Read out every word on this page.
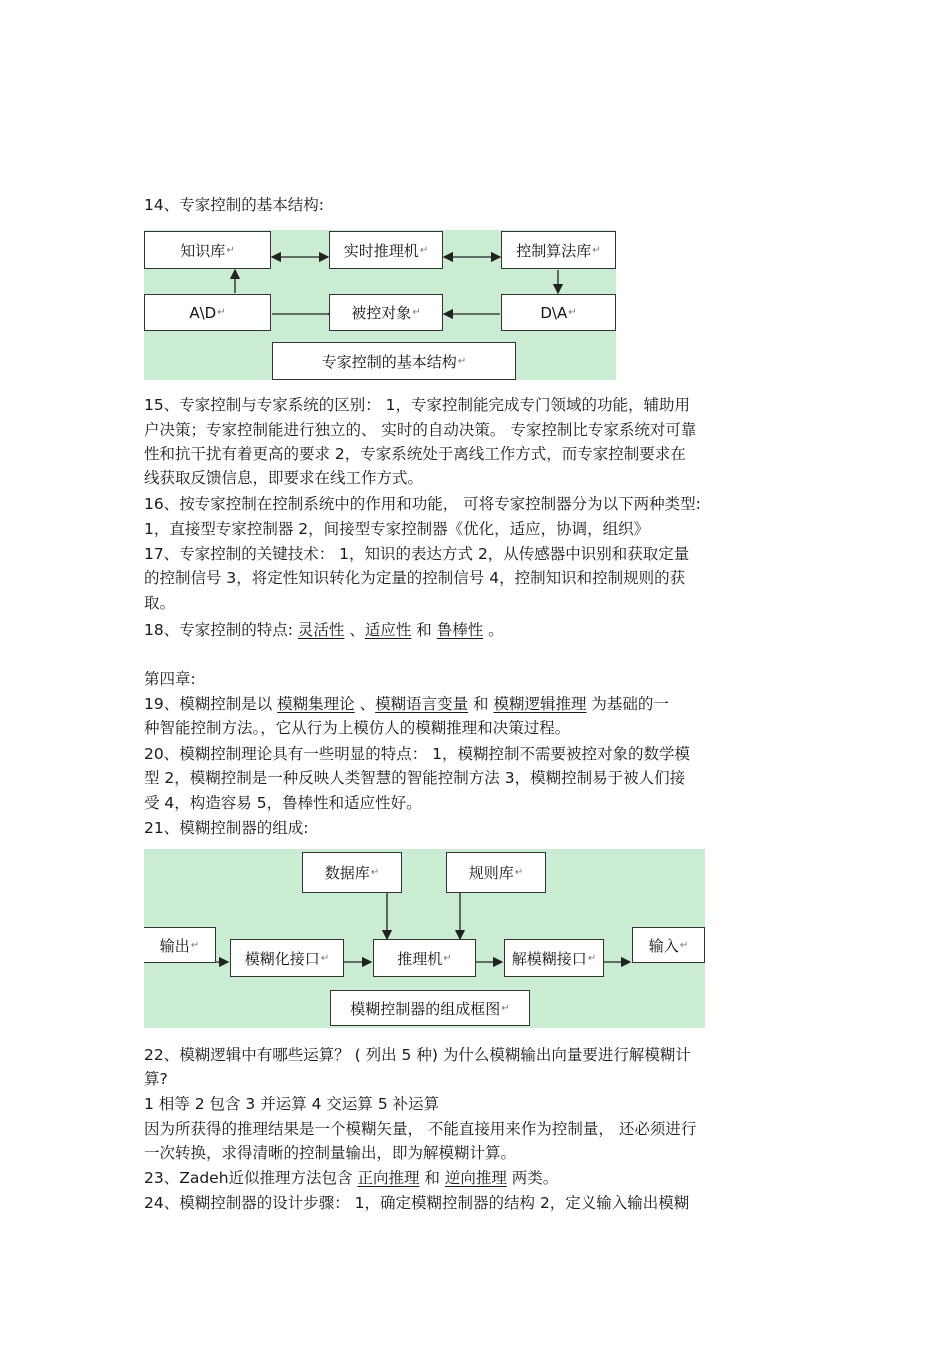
14、专家控制的基本结构:
知识库 ↵	实时推理机 ↵	控制算法库 ↵
A\D ↵	被控对象 ↵	D\A ↵
专家控制的基本结构 ↵
15、专家控制与专家系统的区别： 1，专家控制能完成专门领域的功能，辅助用
户决策；专家控制能进行独立的、 实时的自动决策。 专家控制比专家系统对可靠
性和抗干扰有着更高的要求 2，专家系统处于离线工作方式，而专家控制要求在
线获取反馈信息，即要求在线工作方式。
16、按专家控制在控制系统中的作用和功能， 可将专家控制器分为以下两种类型:
1，直接型专家控制器 2，间接型专家控制器《优化，适应，协调，组织》
17、专家控制的关键技术： 1，知识的表达方式 2，从传感器中识别和获取定量
的控制信号 3，将定性知识转化为定量的控制信号 4，控制知识和控制规则的获
取。
18、专家控制的特点: 灵活性 、适应性 和 鲁棒性 。
第四章:
19、模糊控制是以 模糊集理论 、模糊语言变量 和 模糊逻辑推理 为基础的一
种智能控制方法。，它从行为上模仿人的模糊推理和决策过程。
20、模糊控制理论具有一些明显的特点： 1，模糊控制不需要被控对象的数学模
型 2，模糊控制是一种反映人类智慧的智能控制方法 3，模糊控制易于被人们接
受 4，构造容易 5，鲁棒性和适应性好。
21、模糊控制器的组成:
数据库 ↵	规则库 ↵
输出 ↵
模糊化接口 ↵	推理机 ↵	解模糊接口 ↵
输入 ↵
模糊控制器的组成框图 ↵
22、模糊逻辑中有哪些运算？ ( 列出 5 种) 为什么模糊输出向量要进行解模糊计
算?
1 相等 2 包含 3 并运算 4 交运算 5 补运算
因为所获得的推理结果是一个模糊矢量， 不能直接用来作为控制量， 还必须进行
一次转换，求得清晰的控制量输出，即为解模糊计算。
23、Zadeh近似推理方法包含 正向推理 和 逆向推理 两类。
24、模糊控制器的设计步骤： 1，确定模糊控制器的结构 2，定义输入输出模糊
